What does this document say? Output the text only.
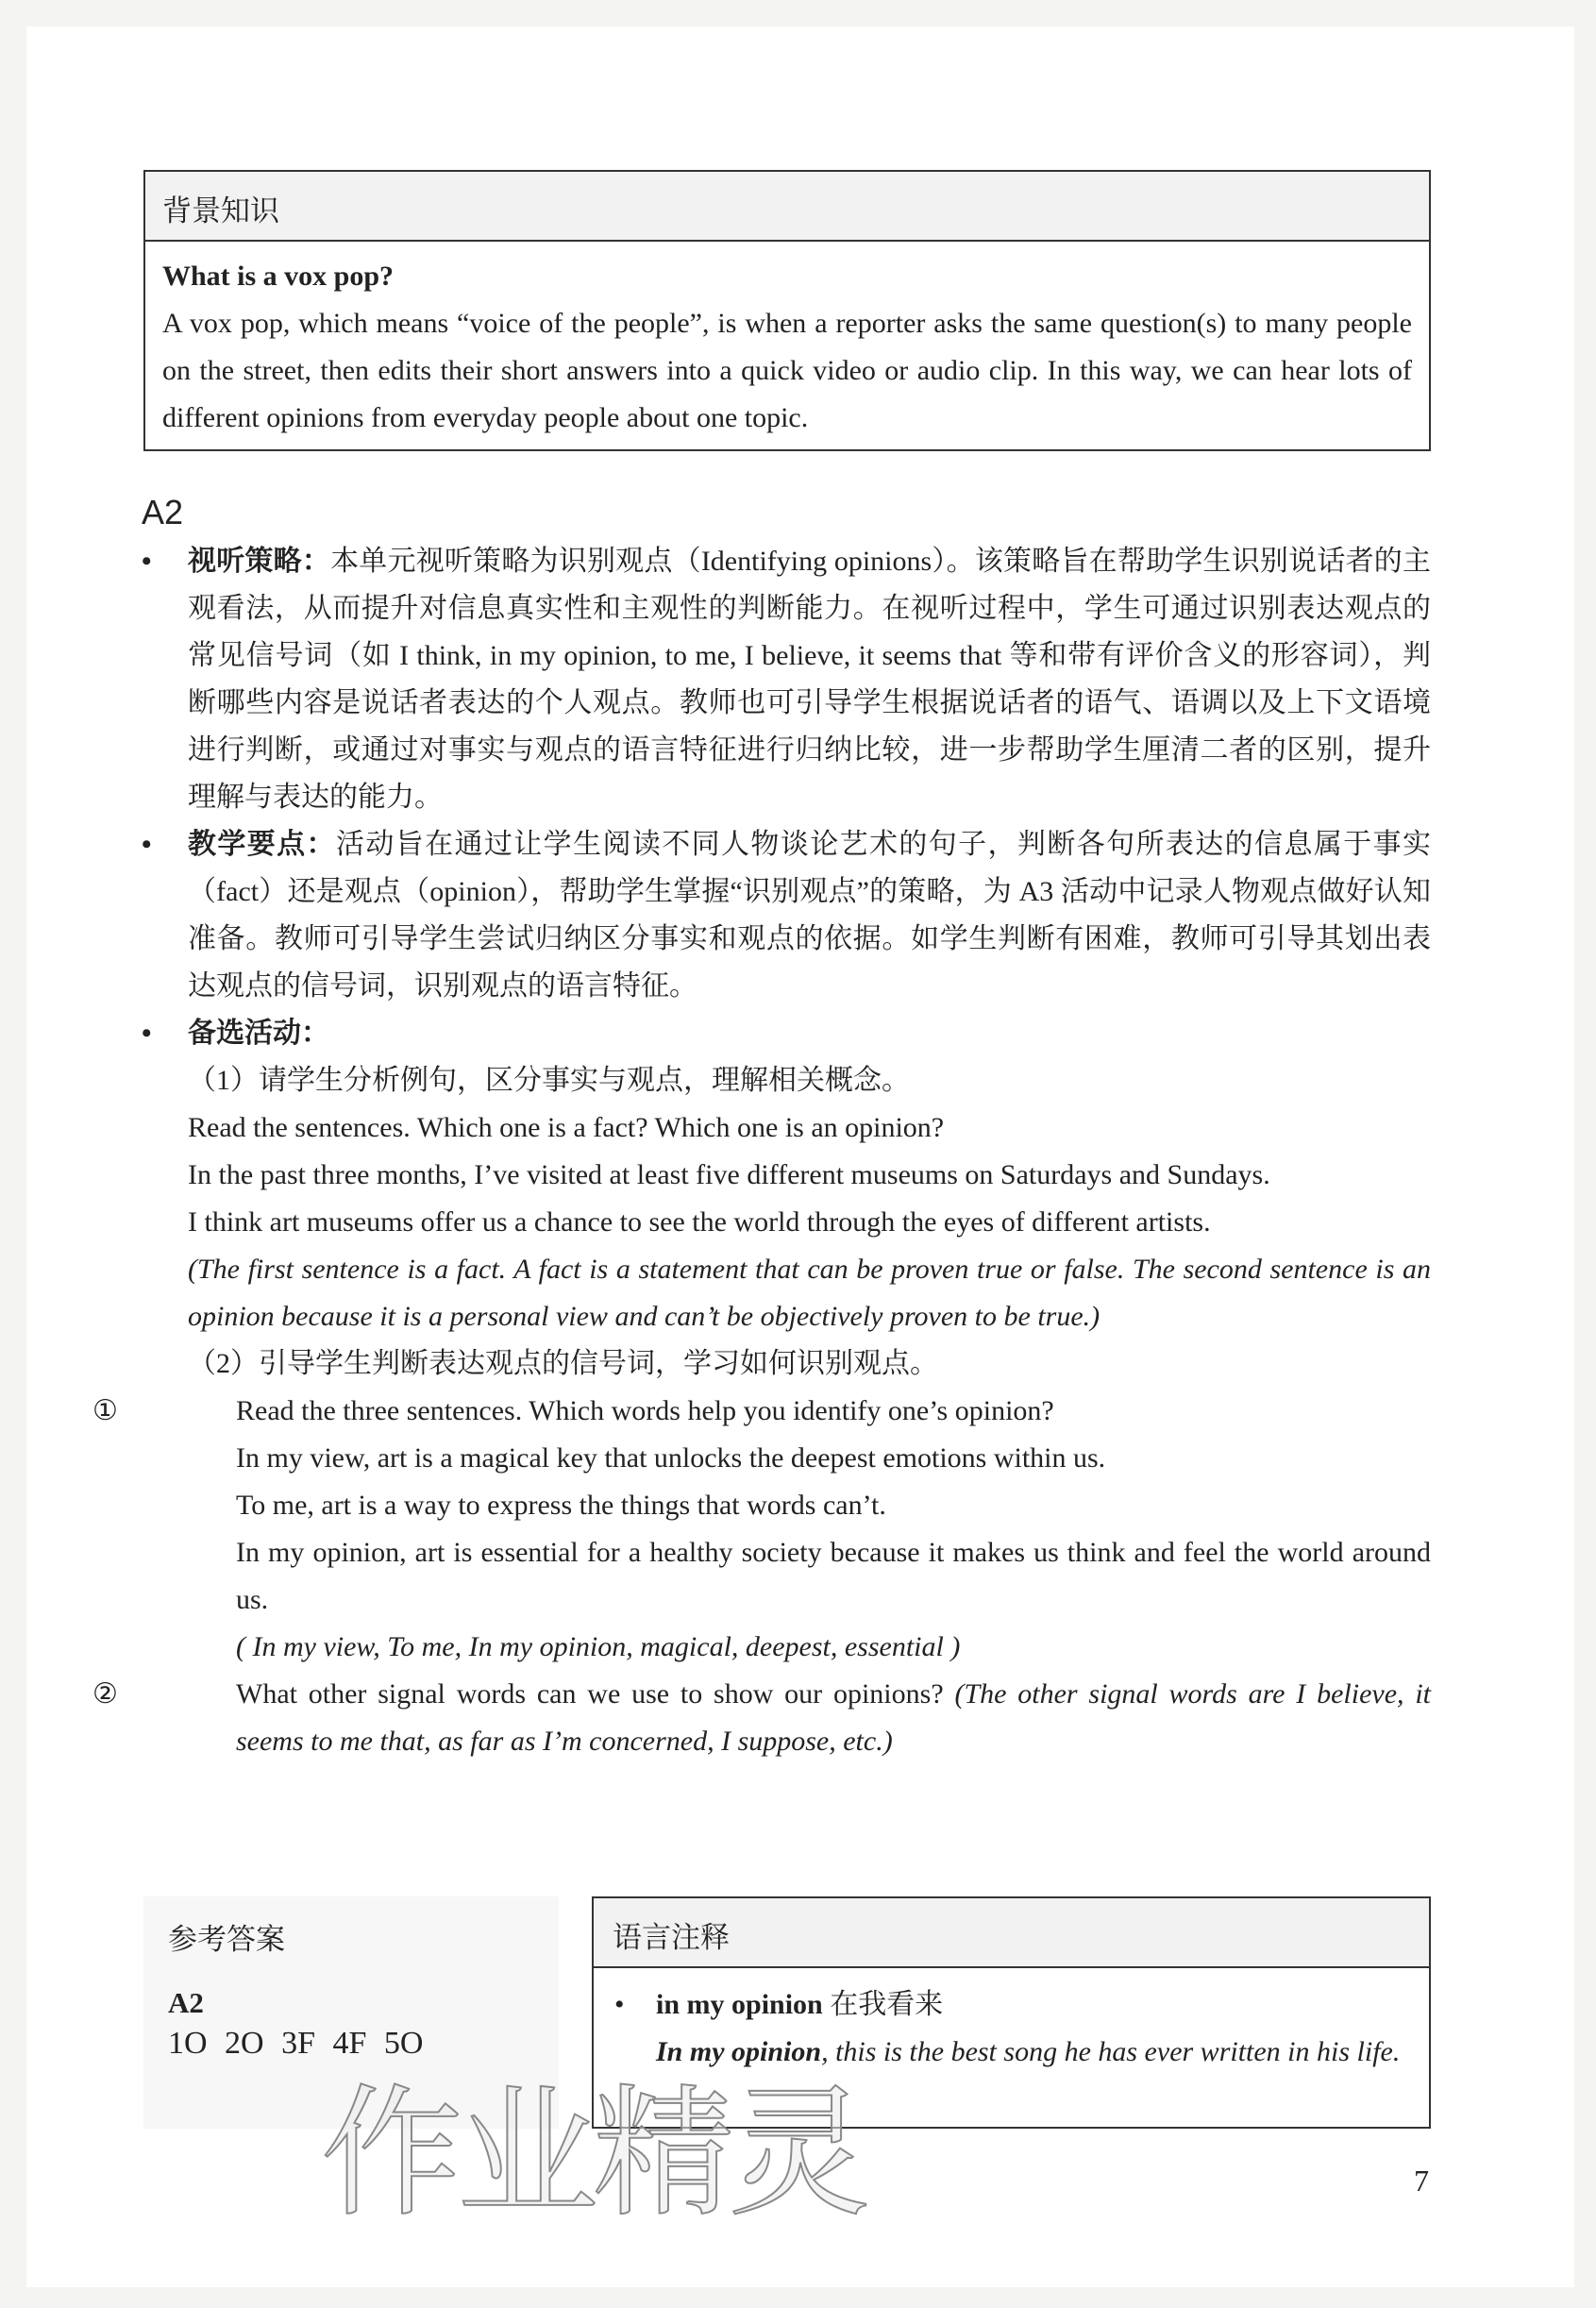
背景知识
What is a vox pop?
A vox pop, which means “voice of the people”, is when a reporter asks the same question(s) to many people on the street, then edits their short answers into a quick video or audio clip. In this way, we can hear lots of different opinions from everyday people about one topic.
A2
• 视听策略：本单元视听策略为识别观点（Identifying opinions）。该策略旨在帮助学生识别说话者的主观看法，从而提升对信息真实性和主观性的判断能力。在视听过程中，学生可通过识别表达观点的常见信号词（如 I think, in my opinion, to me, I believe, it seems that 等和带有评价含义的形容词），判断哪些内容是说话者表达的个人观点。教师也可引导学生根据说话者的语气、语调以及上下文语境进行判断，或通过对事实与观点的语言特征进行归纳比较，进一步帮助学生厘清二者的区别，提升理解与表达的能力。
• 教学要点：活动旨在通过让学生阅读不同人物谈论艺术的句子，判断各句所表达的信息属于事实（fact）还是观点（opinion），帮助学生掌握“识别观点”的策略，为 A3 活动中记录人物观点做好认知准备。教师可引导学生尝试归纳区分事实和观点的依据。如学生判断有困难，教师可引导其划出表达观点的信号词，识别观点的语言特征。
• 备选活动：
（1）请学生分析例句，区分事实与观点，理解相关概念。
Read the sentences. Which one is a fact? Which one is an opinion?
In the past three months, I’ve visited at least five different museums on Saturdays and Sundays.
I think art museums offer us a chance to see the world through the eyes of different artists.
(The first sentence is a fact. A fact is a statement that can be proven true or false. The second sentence is an opinion because it is a personal view and can’t be objectively proven to be true.)
（2）引导学生判断表达观点的信号词，学习如何识别观点。
①	Read the three sentences. Which words help you identify one’s opinion?
In my view, art is a magical key that unlocks the deepest emotions within us.
To me, art is a way to express the things that words can’t.
In my opinion, art is essential for a healthy society because it makes us think and feel the world around us.
( In my view, To me, In my opinion, magical, deepest, essential )
②	What other signal words can we use to show our opinions? (The other signal words are I believe, it seems to me that, as far as I’m concerned, I suppose, etc.)
参考答案
A2
1O 2O 3F 4F 5O
语言注释
• in my opinion 在我看来
In my opinion, this is the best song he has ever written in his life.
作业精灵	7
